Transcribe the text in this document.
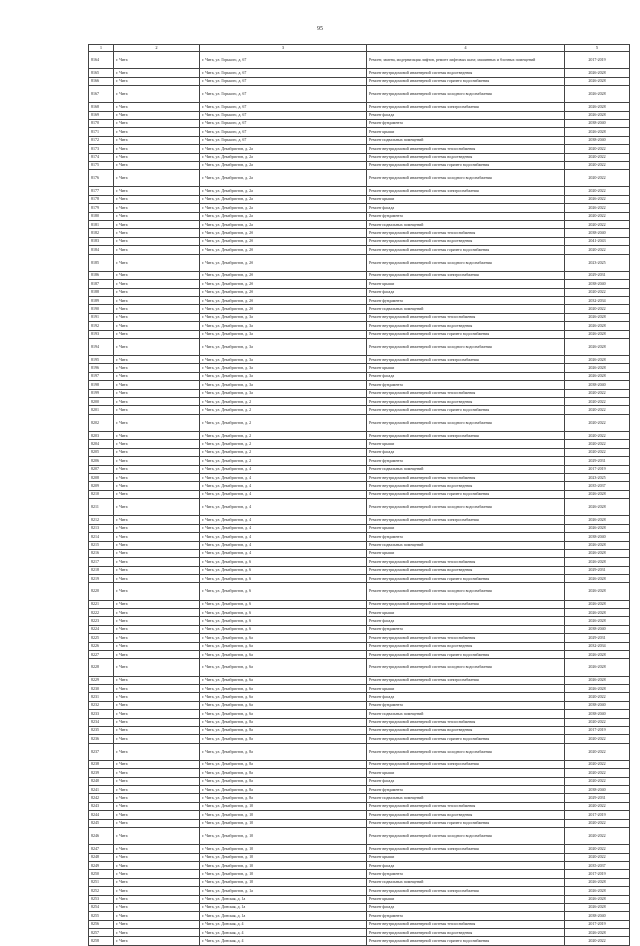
95
1	2	3	4	5
8164	г. Чита	г. Чита, ул. Горького, д. 67	Ремонт, замена, модернизация лифтов, ремонт лифтовых шахт, машинных и блочных помещений	2017-2019
8165	г. Чита	г. Чита, ул. Горького, д. 67	Ремонт внутридомовой инженерной системы водоотведения	2026-2028
8166	г. Чита	г. Чита, ул. Горького, д. 67	Ремонт внутридомовой инженерной системы горячего водоснабжения	2026-2028
8167	г. Чита	г. Чита, ул. Горького, д. 67	Ремонт внутридомовой инженерной системы холодного водоснабжения	2026-2028
8168	г. Чита	г. Чита, ул. Горького, д. 67	Ремонт внутридомовой инженерной системы электроснабжения	2026-2028
8169	г. Чита	г. Чита, ул. Горького, д. 67	Ремонт фасада	2026-2028
8170	г. Чита	г. Чита, ул. Горького, д. 67	Ремонт фундамента	2038-2040
8171	г. Чита	г. Чита, ул. Горького, д. 67	Ремонт крыши	2026-2028
8172	г. Чита	г. Чита, ул. Горького, д. 67	Ремонт подвальных помещений	2038-2040
8173	г. Чита	г. Чита, ул. Декабристов, д. 2а	Ремонт внутридомовой инженерной системы теплоснабжения	2020-2022
8174	г. Чита	г. Чита, ул. Декабристов, д. 2а	Ремонт внутридомовой инженерной системы водоотведения	2020-2022
8175	г. Чита	г. Чита, ул. Декабристов, д. 2а	Ремонт внутридомовой инженерной системы горячего водоснабжения	2020-2022
8176	г. Чита	г. Чита, ул. Декабристов, д. 2а	Ремонт внутридомовой инженерной системы холодного водоснабжения	2020-2022
8177	г. Чита	г. Чита, ул. Декабристов, д. 2а	Ремонт внутридомовой инженерной системы электроснабжения	2020-2022
8178	г. Чита	г. Чита, ул. Декабристов, д. 2а	Ремонт крыши	2026-2022
8179	г. Чита	г. Чита, ул. Декабристов, д. 2а	Ремонт фасада	2026-2022
8180	г. Чита	г. Чита, ул. Декабристов, д. 2а	Ремонт фундамента	2020-2022
8181	г. Чита	г. Чита, ул. Декабристов, д. 2а	Ремонт подвальных помещений	2020-2022
8182	г. Чита	г. Чита, ул. Декабристов, д. 2б	Ремонт внутридомовой инженерной системы теплоснабжения	2038-2040
8183	г. Чита	г. Чита, ул. Декабристов, д. 2б	Ремонт внутридомовой инженерной системы водоотведения	2041-2043
8184	г. Чита	г. Чита, ул. Декабристов, д. 2б	Ремонт внутридомовой инженерной системы горячего водоснабжения	2020-2022
8185	г. Чита	г. Чита, ул. Декабристов, д. 2б	Ремонт внутридомовой инженерной системы холодного водоснабжения	2023-2025
8186	г. Чита	г. Чита, ул. Декабристов, д. 2б	Ремонт внутридомовой инженерной системы электроснабжения	2029-2031
8187	г. Чита	г. Чита, ул. Декабристов, д. 2б	Ремонт крыши	2038-2040
8188	г. Чита	г. Чита, ул. Декабристов, д. 2б	Ремонт фасада	2020-2022
8189	г. Чита	г. Чита, ул. Декабристов, д. 2б	Ремонт фундамента	2032-2034
8190	г. Чита	г. Чита, ул. Декабристов, д. 2б	Ремонт подвальных помещений	2020-2022
8191	г. Чита	г. Чита, ул. Декабристов, д. 3а	Ремонт внутридомовой инженерной системы теплоснабжения	2026-2028
8192	г. Чита	г. Чита, ул. Декабристов, д. 3а	Ремонт внутридомовой инженерной системы водоотведения	2026-2028
8193	г. Чита	г. Чита, ул. Декабристов, д. 3а	Ремонт внутридомовой инженерной системы горячего водоснабжения	2026-2028
8194	г. Чита	г. Чита, ул. Декабристов, д. 3а	Ремонт внутридомовой инженерной системы холодного водоснабжения	2026-2028
8195	г. Чита	г. Чита, ул. Декабристов, д. 3а	Ремонт внутридомовой инженерной системы электроснабжения	2026-2028
8196	г. Чита	г. Чита, ул. Декабристов, д. 3а	Ремонт крыши	2026-2028
8197	г. Чита	г. Чита, ул. Декабристов, д. 3а	Ремонт фасада	2026-2028
8198	г. Чита	г. Чита, ул. Декабристов, д. 3а	Ремонт фундамента	2038-2040
8199	г. Чита	г. Чита, ул. Декабристов, д. 3а	Ремонт внутридомовой инженерной системы теплоснабжения	2020-2022
8200	г. Чита	г. Чита, ул. Декабристов, д. 2	Ремонт внутридомовой инженерной системы водоотведения	2020-2022
8201	г. Чита	г. Чита, ул. Декабристов, д. 2	Ремонт внутридомовой инженерной системы горячего водоснабжения	2020-2022
8202	г. Чита	г. Чита, ул. Декабристов, д. 2	Ремонт внутридомовой инженерной системы холодного водоснабжения	2020-2022
8203	г. Чита	г. Чита, ул. Декабристов, д. 2	Ремонт внутридомовой инженерной системы электроснабжения	2020-2022
8204	г. Чита	г. Чита, ул. Декабристов, д. 2	Ремонт крыши	2020-2022
8205	г. Чита	г. Чита, ул. Декабристов, д. 2	Ремонт фасада	2020-2022
8206	г. Чита	г. Чита, ул. Декабристов, д. 2	Ремонт фундамента	2029-2031
8207	г. Чита	г. Чита, ул. Декабристов, д. 4	Ремонт подвальных помещений	2017-2019
8208	г. Чита	г. Чита, ул. Декабристов, д. 4	Ремонт внутридомовой инженерной системы теплоснабжения	2023-2025
8209	г. Чита	г. Чита, ул. Декабристов, д. 4	Ремонт внутридомовой инженерной системы водоотведения	2035-2037
8210	г. Чита	г. Чита, ул. Декабристов, д. 4	Ремонт внутридомовой инженерной системы горячего водоснабжения	2026-2028
8211	г. Чита	г. Чита, ул. Декабристов, д. 4	Ремонт внутридомовой инженерной системы холодного водоснабжения	2026-2028
8212	г. Чита	г. Чита, ул. Декабристов, д. 4	Ремонт внутридомовой инженерной системы электроснабжения	2026-2028
8213	г. Чита	г. Чита, ул. Декабристов, д. 4	Ремонт крыши	2026-2028
8214	г. Чита	г. Чита, ул. Декабристов, д. 4	Ремонт фундамента	2038-2040
8215	г. Чита	г. Чита, ул. Декабристов, д. 4	Ремонт подвальных помещений	2026-2028
8216	г. Чита	г. Чита, ул. Декабристов, д. 4	Ремонт крыши	2026-2028
8217	г. Чита	г. Чита, ул. Декабристов, д. 6	Ремонт внутридомовой инженерной системы теплоснабжения	2026-2028
8218	г. Чита	г. Чита, ул. Декабристов, д. 6	Ремонт внутридомовой инженерной системы водоотведения	2029-2031
8219	г. Чита	г. Чита, ул. Декабристов, д. 6	Ремонт внутридомовой инженерной системы горячего водоснабжения	2026-2028
8220	г. Чита	г. Чита, ул. Декабристов, д. 6	Ремонт внутридомовой инженерной системы холодного водоснабжения	2026-2028
8221	г. Чита	г. Чита, ул. Декабристов, д. 6	Ремонт внутридомовой инженерной системы электроснабжения	2026-2028
8222	г. Чита	г. Чита, ул. Декабристов, д. 6	Ремонт крыши	2026-2028
8223	г. Чита	г. Чита, ул. Декабристов, д. 6	Ремонт фасада	2026-2028
8224	г. Чита	г. Чита, ул. Декабристов, д. 6	Ремонт фундамента	2038-2040
8225	г. Чита	г. Чита, ул. Декабристов, д. 6а	Ремонт внутридомовой инженерной системы теплоснабжения	2029-2031
8226	г. Чита	г. Чита, ул. Декабристов, д. 6а	Ремонт внутридомовой инженерной системы водоотведения	2032-2034
8227	г. Чита	г. Чита, ул. Декабристов, д. 6а	Ремонт внутридомовой инженерной системы горячего водоснабжения	2026-2028
8228	г. Чита	г. Чита, ул. Декабристов, д. 6а	Ремонт внутридомовой инженерной системы холодного водоснабжения	2026-2028
8229	г. Чита	г. Чита, ул. Декабристов, д. 6а	Ремонт внутридомовой инженерной системы электроснабжения	2026-2028
8230	г. Чита	г. Чита, ул. Декабристов, д. 6а	Ремонт крыши	2026-2028
8231	г. Чита	г. Чита, ул. Декабристов, д. 6а	Ремонт фасада	2020-2022
8232	г. Чита	г. Чита, ул. Декабристов, д. 6а	Ремонт фундамента	2038-2040
8233	г. Чита	г. Чита, ул. Декабристов, д. 6а	Ремонт подвальных помещений	2038-2040
8234	г. Чита	г. Чита, ул. Декабристов, д. 8а	Ремонт внутридомовой инженерной системы теплоснабжения	2020-2022
8235	г. Чита	г. Чита, ул. Декабристов, д. 8а	Ремонт внутридомовой инженерной системы водоотведения	2017-2019
8236	г. Чита	г. Чита, ул. Декабристов, д. 8а	Ремонт внутридомовой инженерной системы горячего водоснабжения	2020-2022
8237	г. Чита	г. Чита, ул. Декабристов, д. 8а	Ремонт внутридомовой инженерной системы холодного водоснабжения	2020-2022
8238	г. Чита	г. Чита, ул. Декабристов, д. 8а	Ремонт внутридомовой инженерной системы электроснабжения	2020-2022
8239	г. Чита	г. Чита, ул. Декабристов, д. 8а	Ремонт крыши	2020-2022
8240	г. Чита	г. Чита, ул. Декабристов, д. 8а	Ремонт фасада	2020-2022
8241	г. Чита	г. Чита, ул. Декабристов, д. 8а	Ремонт фундамента	2038-2040
8242	г. Чита	г. Чита, ул. Декабристов, д. 8а	Ремонт подвальных помещений	2029-2031
8243	г. Чита	г. Чита, ул. Декабристов, д. 10	Ремонт внутридомовой инженерной системы теплоснабжения	2020-2022
8244	г. Чита	г. Чита, ул. Декабристов, д. 10	Ремонт внутридомовой инженерной системы водоотведения	2017-2019
8245	г. Чита	г. Чита, ул. Декабристов, д. 10	Ремонт внутридомовой инженерной системы горячего водоснабжения	2020-2022
8246	г. Чита	г. Чита, ул. Декабристов, д. 10	Ремонт внутридомовой инженерной системы холодного водоснабжения	2020-2022
8247	г. Чита	г. Чита, ул. Декабристов, д. 10	Ремонт внутридомовой инженерной системы электроснабжения	2020-2022
8248	г. Чита	г. Чита, ул. Декабристов, д. 10	Ремонт крыши	2020-2022
8249	г. Чита	г. Чита, ул. Декабристов, д. 10	Ремонт фасада	2035-2037
8250	г. Чита	г. Чита, ул. Декабристов, д. 10	Ремонт фундамента	2017-2019
8251	г. Чита	г. Чита, ул. Декабристов, д. 10	Ремонт подвальных помещений	2026-2028
8252	г. Чита	г. Чита, ул. Декабристов, д. 1а	Ремонт внутридомовой инженерной системы электроснабжения	2026-2028
8253	г. Чита	г. Чита, ул. Донская, д. 1а	Ремонт крыши	2026-2028
8254	г. Чита	г. Чита, ул. Донская, д. 1а	Ремонт фасада	2026-2028
8255	г. Чита	г. Чита, ул. Донская, д. 1а	Ремонт фундамента	2038-2040
8256	г. Чита	г. Чита, ул. Донская, д. 4	Ремонт внутридомовой инженерной системы теплоснабжения	2017-2019
8257	г. Чита	г. Чита, ул. Донская, д. 4	Ремонт внутридомовой инженерной системы водоотведения	2026-2028
8258	г. Чита	г. Чита, ул. Донская, д. 4	Ремонт внутридомовой инженерной системы горячего водоснабжения	2020-2022
